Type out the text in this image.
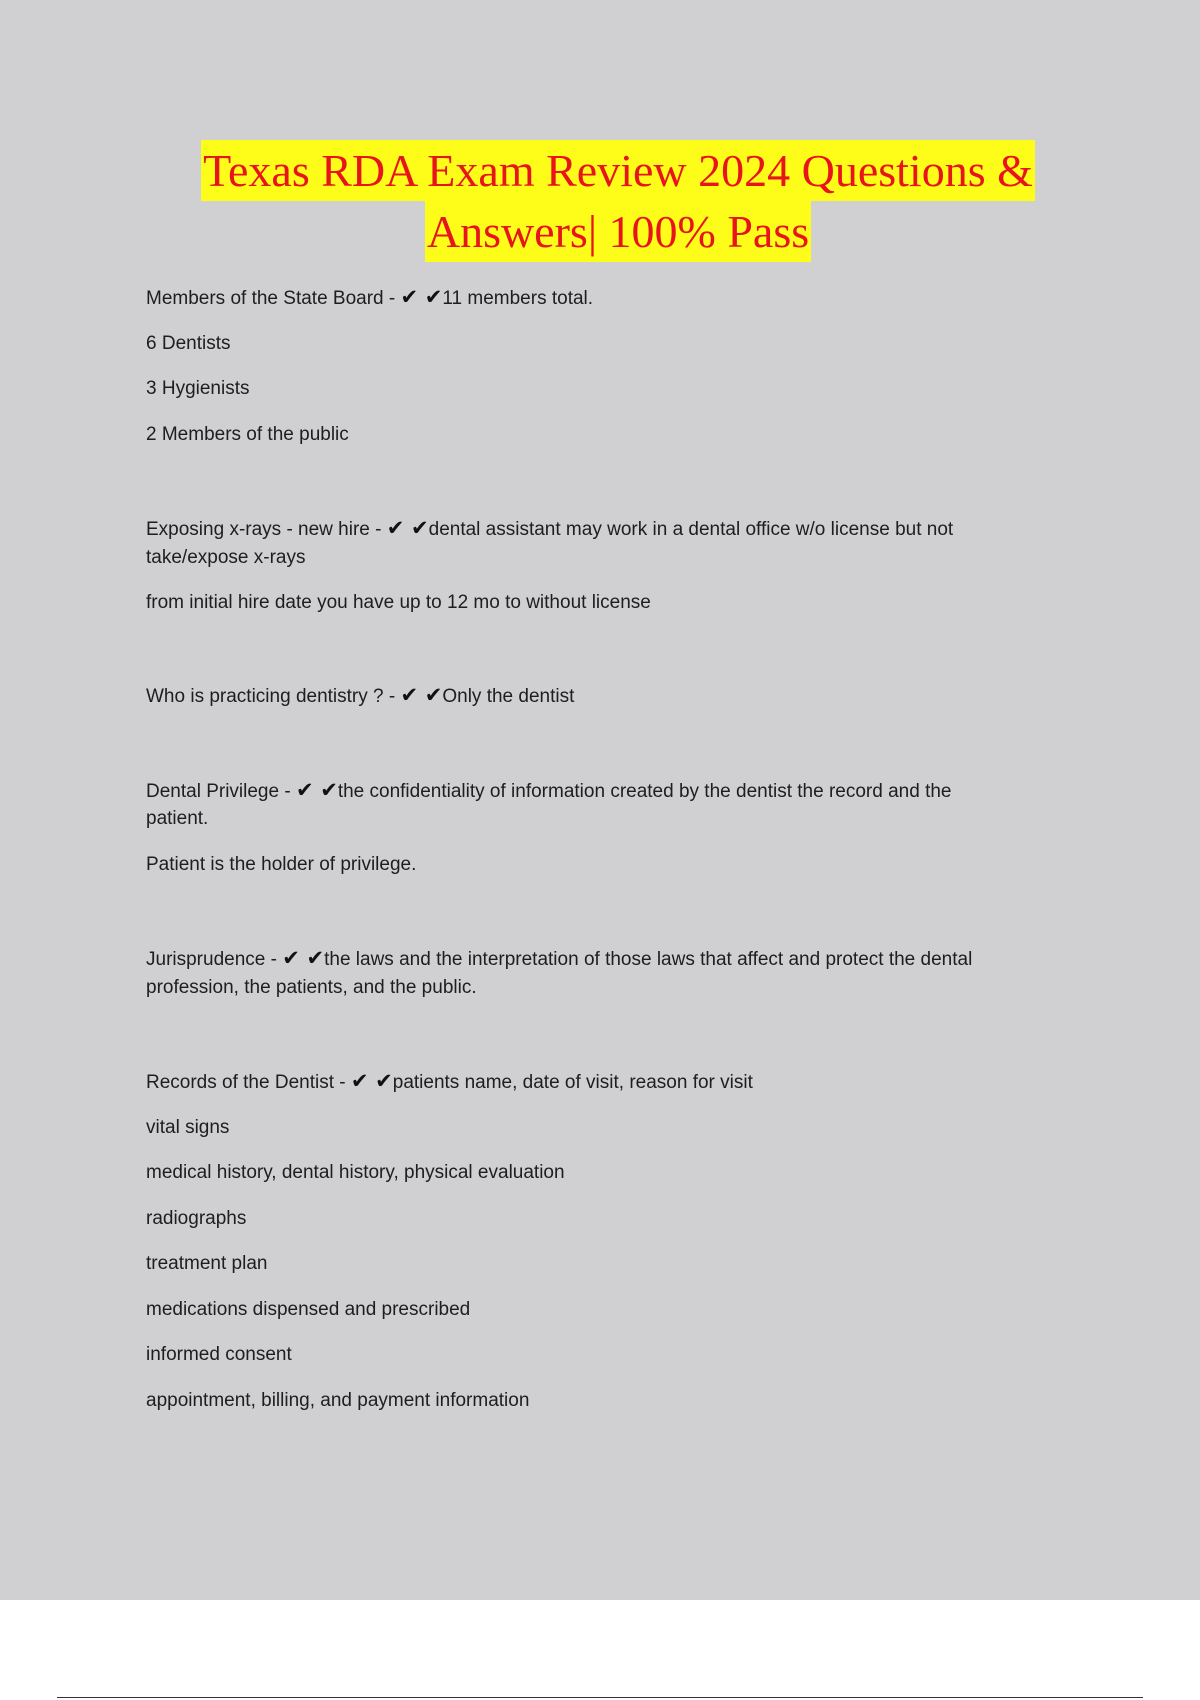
Texas RDA Exam Review 2024 Questions &
Answers| 100% Pass
Members of the State Board - ✔ ✔11 members total.
6 Dentists
3 Hygienists
2 Members of the public
Exposing x-rays - new hire - ✔ ✔dental assistant may work in a dental office w/o license but not
take/expose x-rays
from initial hire date you have up to 12 mo to without license
Who is practicing dentistry ? - ✔ ✔Only the dentist
Dental Privilege - ✔ ✔the confidentiality of information created by the dentist the record and the
patient.
Patient is the holder of privilege.
Jurisprudence - ✔ ✔the laws and the interpretation of those laws that affect and protect the dental
profession, the patients, and the public.
Records of the Dentist - ✔ ✔patients name, date of visit, reason for visit
vital signs
medical history, dental history, physical evaluation
radiographs
treatment plan
medications dispensed and prescribed
informed consent
appointment, billing, and payment information
